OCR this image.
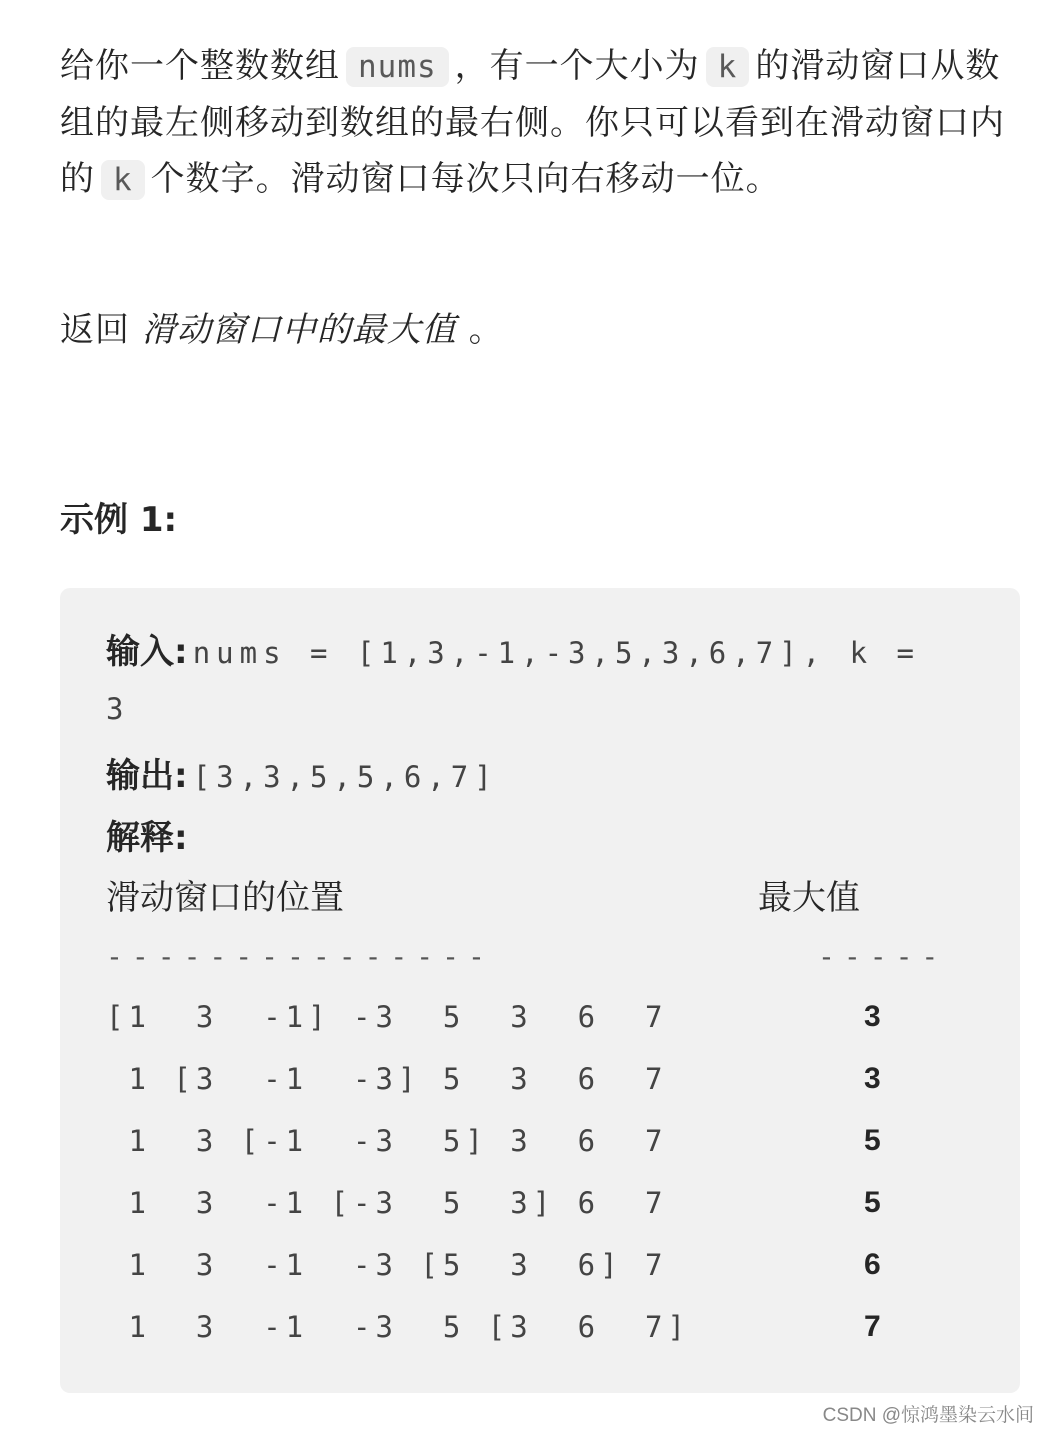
给你一个整数数组 nums ，有一个大小为 k 的滑动窗口从数组的最左侧移动到数组的最右侧。你只可以看到在滑动窗口内的 k 个数字。滑动窗口每次只向右移动一位。

返回 滑动窗口中的最大值 。
示例 1:
输入: nums = [1,3,-1,-3,5,3,6,7], k =
3
输出: [3,3,5,5,6,7]
解释:
滑动窗口的位置	最大值
---------------	-----
[1  3  -1] -3  5  3  6  7	3
1 [3  -1  -3] 5  3  6  7	3
1  3 [-1  -3  5] 3  6  7	5
1  3  -1 [-3  5  3] 6  7	5
1  3  -1  -3 [5  3  6] 7	6
1  3  -1  -3  5 [3  6  7]	7
CSDN @惊鸿墨染云水间
